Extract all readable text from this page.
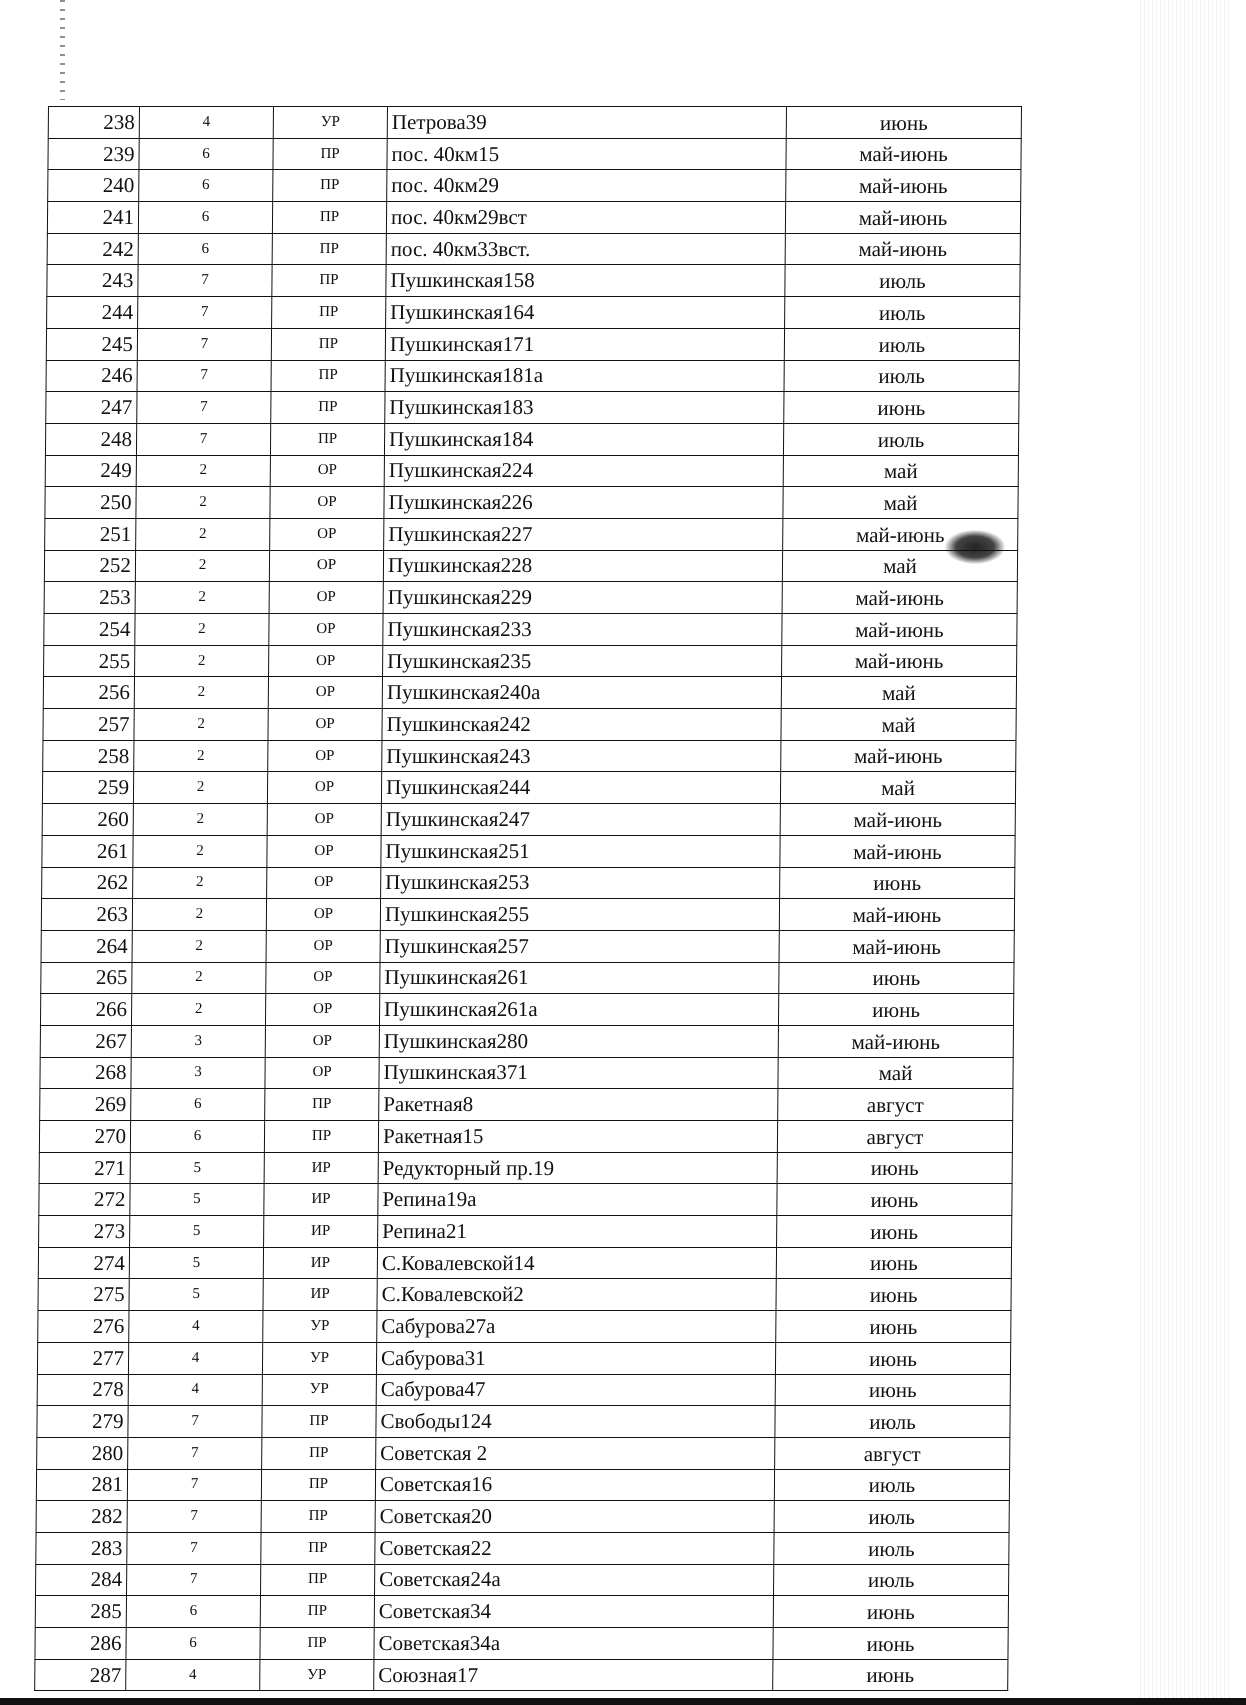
238	4	УР	Петрова39	июнь
239	6	ПР	пос. 40км15	май-июнь
240	6	ПР	пос. 40км29	май-июнь
241	6	ПР	пос. 40км29вст	май-июнь
242	6	ПР	пос. 40км33вст.	май-июнь
243	7	ПР	Пушкинская158	июль
244	7	ПР	Пушкинская164	июль
245	7	ПР	Пушкинская171	июль
246	7	ПР	Пушкинская181а	июль
247	7	ПР	Пушкинская183	июнь
248	7	ПР	Пушкинская184	июль
249	2	ОР	Пушкинская224	май
250	2	ОР	Пушкинская226	май
251	2	ОР	Пушкинская227	май-июнь
252	2	ОР	Пушкинская228	май
253	2	ОР	Пушкинская229	май-июнь
254	2	ОР	Пушкинская233	май-июнь
255	2	ОР	Пушкинская235	май-июнь
256	2	ОР	Пушкинская240а	май
257	2	ОР	Пушкинская242	май
258	2	ОР	Пушкинская243	май-июнь
259	2	ОР	Пушкинская244	май
260	2	ОР	Пушкинская247	май-июнь
261	2	ОР	Пушкинская251	май-июнь
262	2	ОР	Пушкинская253	июнь
263	2	ОР	Пушкинская255	май-июнь
264	2	ОР	Пушкинская257	май-июнь
265	2	ОР	Пушкинская261	июнь
266	2	ОР	Пушкинская261а	июнь
267	3	ОР	Пушкинская280	май-июнь
268	3	ОР	Пушкинская371	май
269	6	ПР	Ракетная8	август
270	6	ПР	Ракетная15	август
271	5	ИР	Редукторный пр.19	июнь
272	5	ИР	Репина19а	июнь
273	5	ИР	Репина21	июнь
274	5	ИР	С.Ковалевской14	июнь
275	5	ИР	С.Ковалевской2	июнь
276	4	УР	Сабурова27а	июнь
277	4	УР	Сабурова31	июнь
278	4	УР	Сабурова47	июнь
279	7	ПР	Свободы124	июль
280	7	ПР	Советская 2	август
281	7	ПР	Советская16	июль
282	7	ПР	Советская20	июль
283	7	ПР	Советская22	июль
284	7	ПР	Советская24а	июль
285	6	ПР	Советская34	июнь
286	6	ПР	Советская34а	июнь
287	4	УР	Союзная17	июнь
